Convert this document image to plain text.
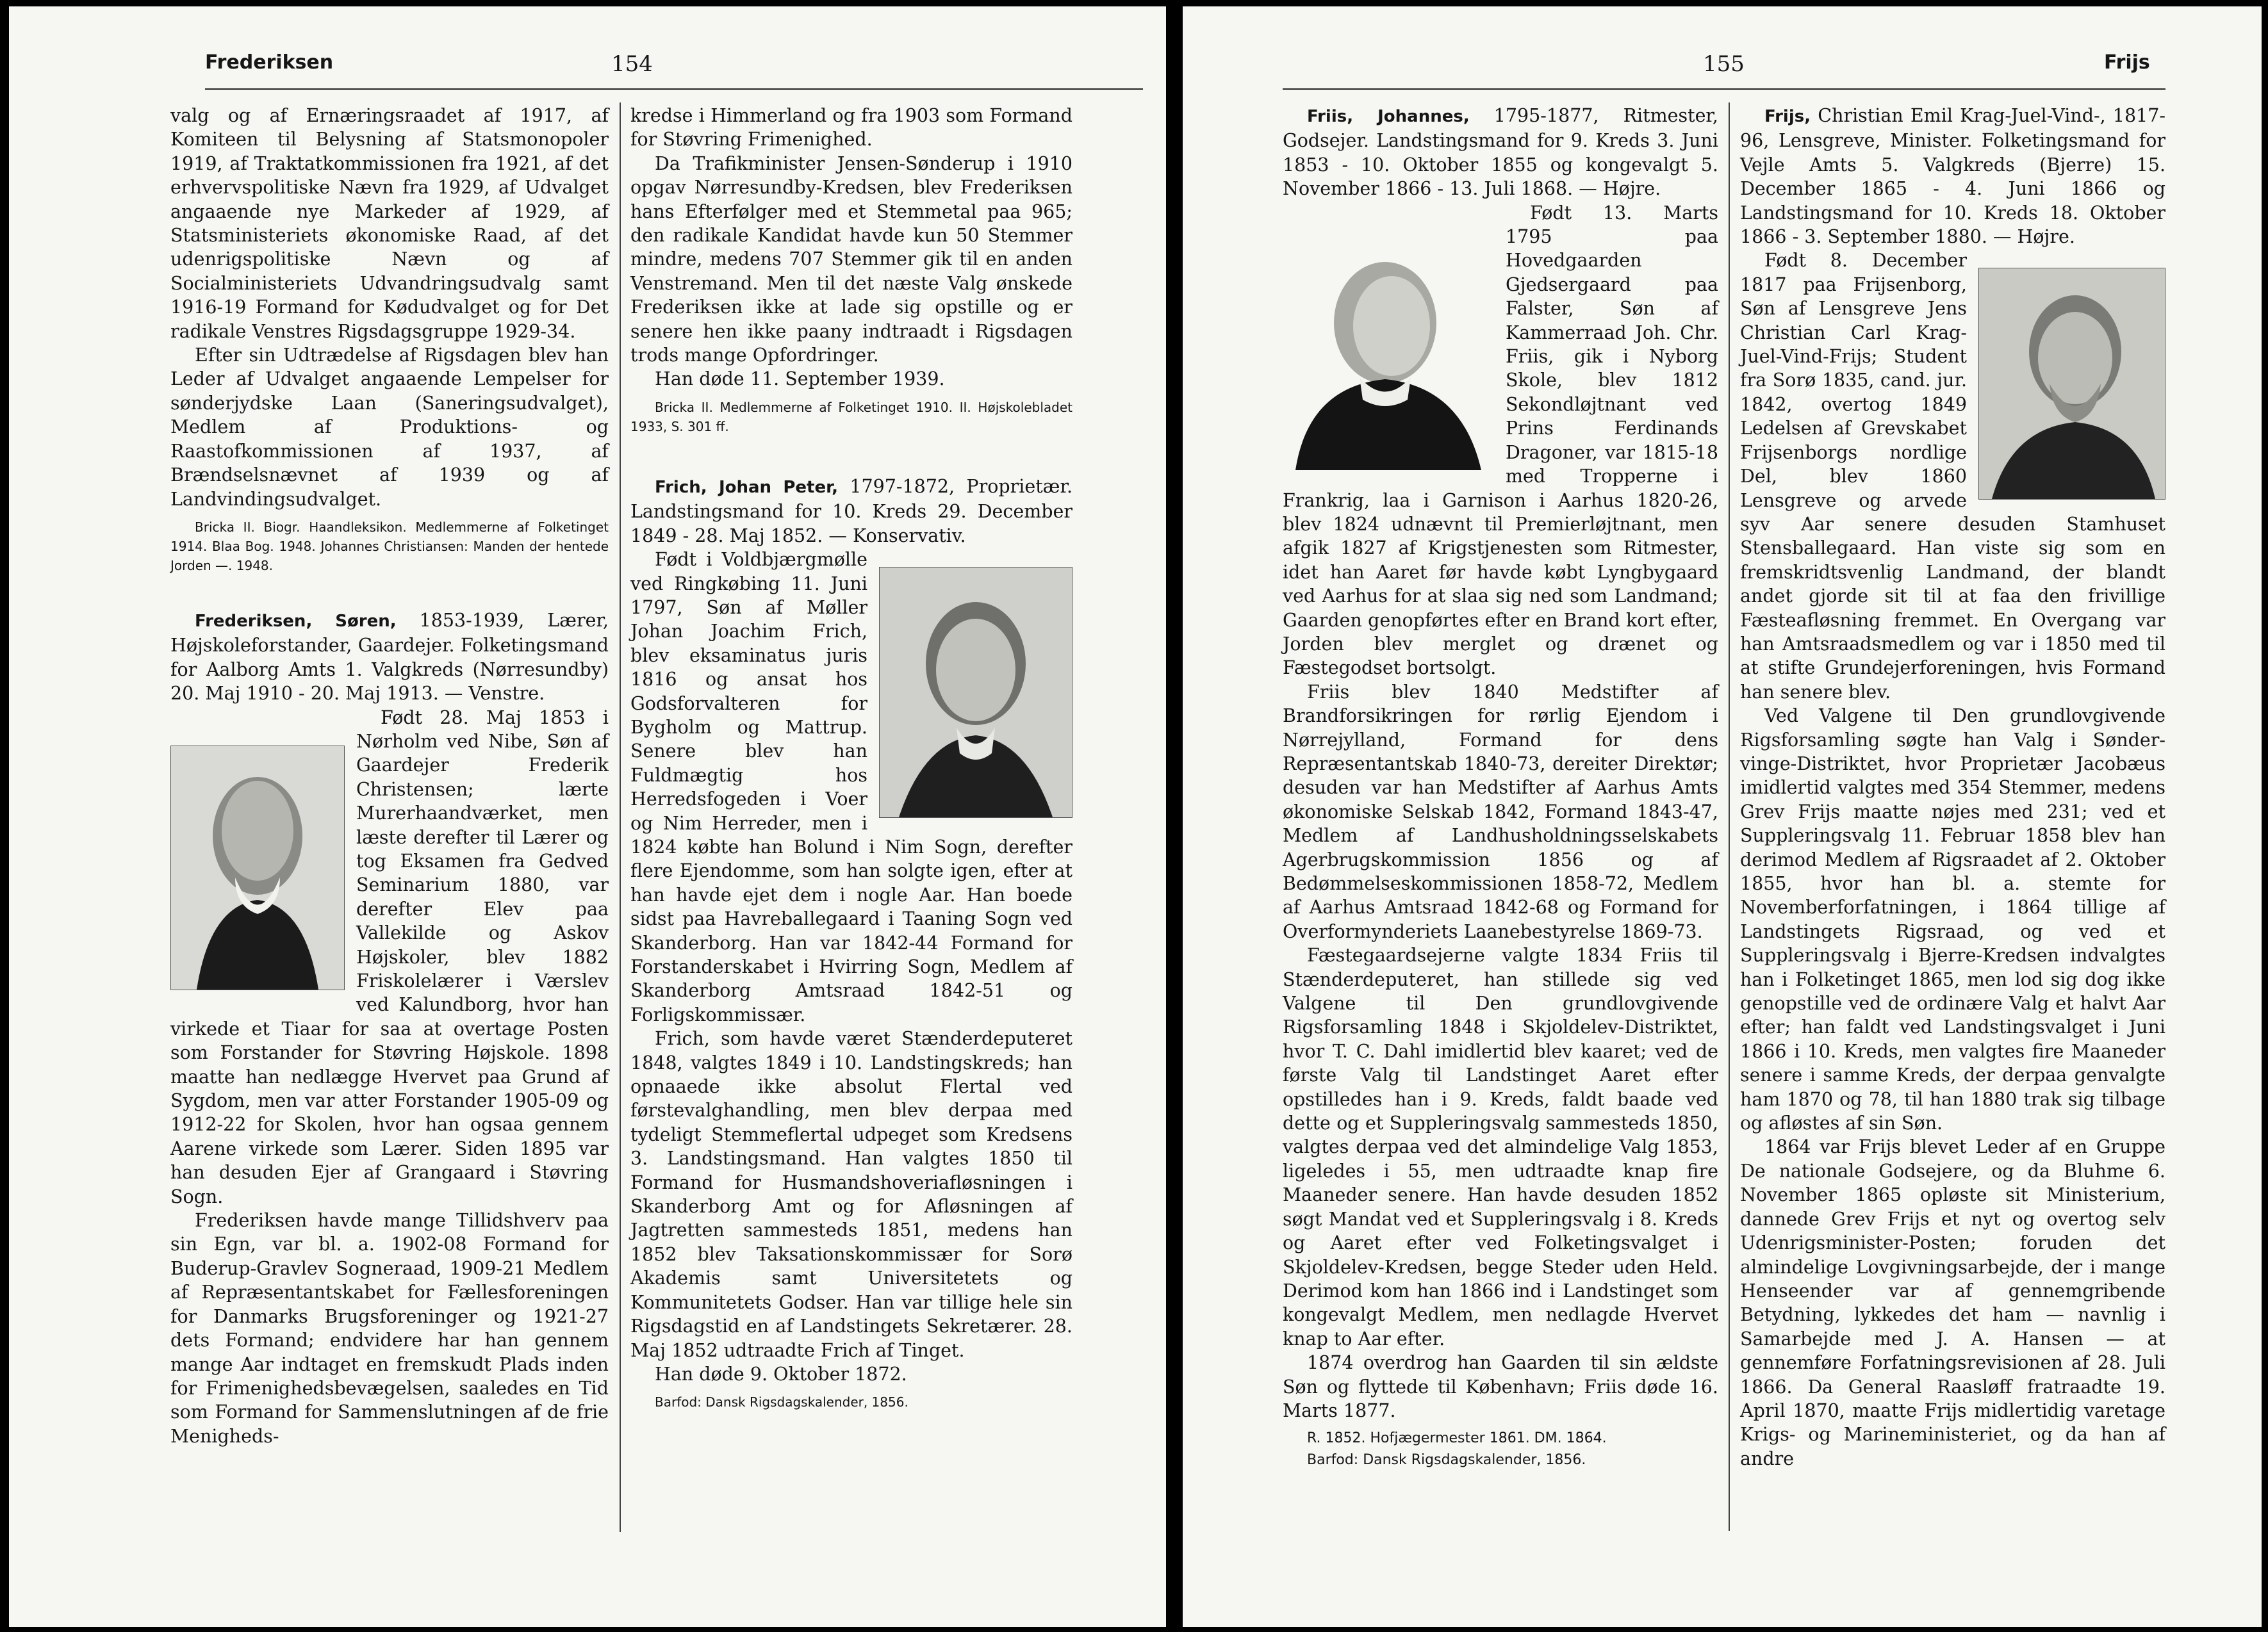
Frederiksen	154

valg og af Ernæringsraadet af 1917, af Komiteen til Belysning af Statsmonopoler 1919, af Traktatkommissionen fra 1921, af det erhvervspolitiske Nævn fra 1929, af Udvalget angaaende nye Markeder af 1929, af Statsministeriets økonomiske Raad, af det udenrigspolitiske Nævn og af Socialministeriets Udvandringsudvalg samt 1916-19 Formand for Kødudvalget og for Det radikale Venstres Rigsdagsgruppe 1929-34.

Efter sin Udtrædelse af Rigsdagen blev han Leder af Udvalget angaaende Lempelser for sønderjydske Laan (Saneringsudvalget), Medlem af Produktions- og Raastofkommissionen af 1937, af Brændselsnævnet af 1939 og af Landvindingsudvalget.

Bricka II. Biogr. Haandleksikon. Medlemmerne af Folketinget 1914. Blaa Bog. 1948. Johannes Christiansen: Manden der hentede Jorden —. 1948.

Frederiksen, Søren, 1853-1939, Lærer, Højskoleforstander, Gaardejer. Folketingsmand for Aalborg Amts 1. Valgkreds (Nørresundby) 20. Maj 1910 - 20. Maj 1913. — Venstre.

Født 28. Maj 1853 i Nørholm ved Nibe, Søn af Gaardejer Frederik Christensen; lærte Murerhaandværket, men læste derefter til Lærer og tog Eksamen fra Gedved Seminarium 1880, var derefter Elev paa Vallekilde og Askov Højskoler, blev 1882 Friskolelærer i Værslev ved Kalundborg, hvor han virkede et Tiaar for saa at overtage Posten som Forstander for Støvring Højskole. 1898 maatte han nedlægge Hvervet paa Grund af Sygdom, men var atter Forstander 1905-09 og 1912-22 for Skolen, hvor han ogsaa gennem Aarene virkede som Lærer. Siden 1895 var han desuden Ejer af Grangaard i Støvring Sogn.

Frederiksen havde mange Tillidshverv paa sin Egn, var bl. a. 1902-08 Formand for Buderup-Gravlev Sogneraad, 1909-21 Medlem af Repræsentantskabet for Fællesforeningen for Danmarks Brugsforeninger og 1921-27 dets Formand; endvidere har han gennem mange Aar indtaget en fremskudt Plads inden for Frimenighedsbevægelsen, saaledes en Tid som Formand for Sammenslutningen af de frie Menigheds-

kredse i Himmerland og fra 1903 som Formand for Støvring Frimenighed.

Da Trafikminister Jensen-Sønderup i 1910 opgav Nørresundby-Kredsen, blev Frederiksen hans Efterfølger med et Stemmetal paa 965; den radikale Kandidat havde kun 50 Stemmer mindre, medens 707 Stemmer gik til en anden Venstremand. Men til det næste Valg ønskede Frederiksen ikke at lade sig opstille og er senere hen ikke paany indtraadt i Rigsdagen trods mange Opfordringer.

Han døde 11. September 1939.

Bricka II. Medlemmerne af Folketinget 1910. II. Højskolebladet 1933, S. 301 ff.

Frich, Johan Peter, 1797-1872, Proprietær. Landstingsmand for 10. Kreds 29. December 1849 - 28. Maj 1852. — Konservativ.

Født i Voldbjærgmølle ved Ringkøbing 11. Juni 1797, Søn af Møller Johan Joachim Frich, blev eksaminatus juris 1816 og ansat hos Godsforvalteren for Bygholm og Mattrup. Senere blev han Fuldmægtig hos Herredsfogeden i Voer og Nim Herreder, men i 1824 købte han Bolund i Nim Sogn, derefter flere Ejendomme, som han solgte igen, efter at han havde ejet dem i nogle Aar. Han boede sidst paa Havreballegaard i Taaning Sogn ved Skanderborg. Han var 1842-44 Formand for Forstanderskabet i Hvirring Sogn, Medlem af Skanderborg Amtsraad 1842-51 og Forligskommissær.

Frich, som havde været Stænderdeputeret 1848, valgtes 1849 i 10. Landstingskreds; han opnaaede ikke absolut Flertal ved førstevalghandling, men blev derpaa med tydeligt Stemmeflertal udpeget som Kredsens 3. Landstingsmand. Han valgtes 1850 til Formand for Husmandshoveriafløsningen i Skanderborg Amt og for Afløsningen af Jagtretten sammesteds 1851, medens han 1852 blev Taksationskommissær for Sorø Akademis samt Universitetets og Kommunitetets Godser. Han var tillige hele sin Rigsdagstid en af Landstingets Sekretærer. 28. Maj 1852 udtraadte Frich af Tinget.

Han døde 9. Oktober 1872.

Barfod: Dansk Rigsdagskalender, 1856.

155	Frijs

Friis, Johannes, 1795-1877, Ritmester, Godsejer. Landstingsmand for 9. Kreds 3. Juni 1853 - 10. Oktober 1855 og kongevalgt 5. November 1866 - 13. Juli 1868. — Højre.

Født 13. Marts 1795 paa Hovedgaarden Gjedsergaard paa Falster, Søn af Kammerraad Joh. Chr. Friis, gik i Nyborg Skole, blev 1812 Sekondløjtnant ved Prins Ferdinands Dragoner, var 1815-18 med Tropperne i Frankrig, laa i Garnison i Aarhus 1820-26, blev 1824 udnævnt til Premierløjtnant, men afgik 1827 af Krigstjenesten som Ritmester, idet han Aaret før havde købt Lyngbygaard ved Aarhus for at slaa sig ned som Landmand; Gaarden genopførtes efter en Brand kort efter, Jorden blev merglet og drænet og Fæstegodset bortsolgt.

Friis blev 1840 Medstifter af Brandforsikringen for rørlig Ejendom i Nørrejylland, Formand for dens Repræsentantskab 1840-73, dereiter Direktør; desuden var han Medstifter af Aarhus Amts økonomiske Selskab 1842, Formand 1843-47, Medlem af Landhusholdningsselskabets Agerbrugskommission 1856 og af Bedømmelseskommissionen 1858-72, Medlem af Aarhus Amtsraad 1842-68 og Formand for Overformynderiets Laanebestyrelse 1869-73.

Fæstegaardsejerne valgte 1834 Friis til Stænderdeputeret, han stillede sig ved Valgene til Den grundlovgivende Rigsforsamling 1848 i Skjoldelev-Distriktet, hvor T. C. Dahl imidlertid blev kaaret; ved de første Valg til Landstinget Aaret efter opstilledes han i 9. Kreds, faldt baade ved dette og et Suppleringsvalg sammesteds 1850, valgtes derpaa ved det almindelige Valg 1853, ligeledes i 55, men udtraadte knap fire Maaneder senere. Han havde desuden 1852 søgt Mandat ved et Suppleringsvalg i 8. Kreds og Aaret efter ved Folketingsvalget i Skjoldelev-Kredsen, begge Steder uden Held. Derimod kom han 1866 ind i Landstinget som kongevalgt Medlem, men nedlagde Hvervet knap to Aar efter.

1874 overdrog han Gaarden til sin ældste Søn og flyttede til København; Friis døde 16. Marts 1877.

R. 1852. Hofjægermester 1861. DM. 1864.

Barfod: Dansk Rigsdagskalender, 1856.

Frijs, Christian Emil Krag-Juel-Vind-, 1817-96, Lensgreve, Minister. Folketingsmand for Vejle Amts 5. Valgkreds (Bjerre) 15. December 1865 - 4. Juni 1866 og Landstingsmand for 10. Kreds 18. Oktober 1866 - 3. September 1880. — Højre.

Født 8. December 1817 paa Frijsenborg, Søn af Lensgreve Jens Christian Carl Krag-Juel-Vind-Frijs; Student fra Sorø 1835, cand. jur. 1842, overtog 1849 Ledelsen af Grevskabet Frijsenborgs nordlige Del, blev 1860 Lensgreve og arvede syv Aar senere desuden Stamhuset Stensballegaard. Han viste sig som en fremskridtsvenlig Landmand, der blandt andet gjorde sit til at faa den frivillige Fæsteafløsning fremmet. En Overgang var han Amtsraadsmedlem og var i 1850 med til at stifte Grundejerforeningen, hvis Formand han senere blev.

Ved Valgene til Den grundlovgivende Rigsforsamling søgte han Valg i Sønder-vinge-Distriktet, hvor Proprietær Jacobæus imidlertid valgtes med 354 Stemmer, medens Grev Frijs maatte nøjes med 231; ved et Suppleringsvalg 11. Februar 1858 blev han derimod Medlem af Rigsraadet af 2. Oktober 1855, hvor han bl. a. stemte for Novemberforfatningen, i 1864 tillige af Landstingets Rigsraad, og ved et Suppleringsvalg i Bjerre-Kredsen indvalgtes han i Folketinget 1865, men lod sig dog ikke genopstille ved de ordinære Valg et halvt Aar efter; han faldt ved Landstingsvalget i Juni 1866 i 10. Kreds, men valgtes fire Maaneder senere i samme Kreds, der derpaa genvalgte ham 1870 og 78, til han 1880 trak sig tilbage og afløstes af sin Søn.

1864 var Frijs blevet Leder af en Gruppe De nationale Godsejere, og da Bluhme 6. November 1865 opløste sit Ministerium, dannede Grev Frijs et nyt og overtog selv Udenrigsminister-Posten; foruden det almindelige Lovgivningsarbejde, der i mange Henseender var af gennemgribende Betydning, lykkedes det ham — navnlig i Samarbejde med J. A. Hansen — at gennemføre Forfatningsrevisionen af 28. Juli 1866. Da General Raasløff fratraadte 19. April 1870, maatte Frijs midlertidig varetage Krigs- og Marineministeriet, og da han af andre
